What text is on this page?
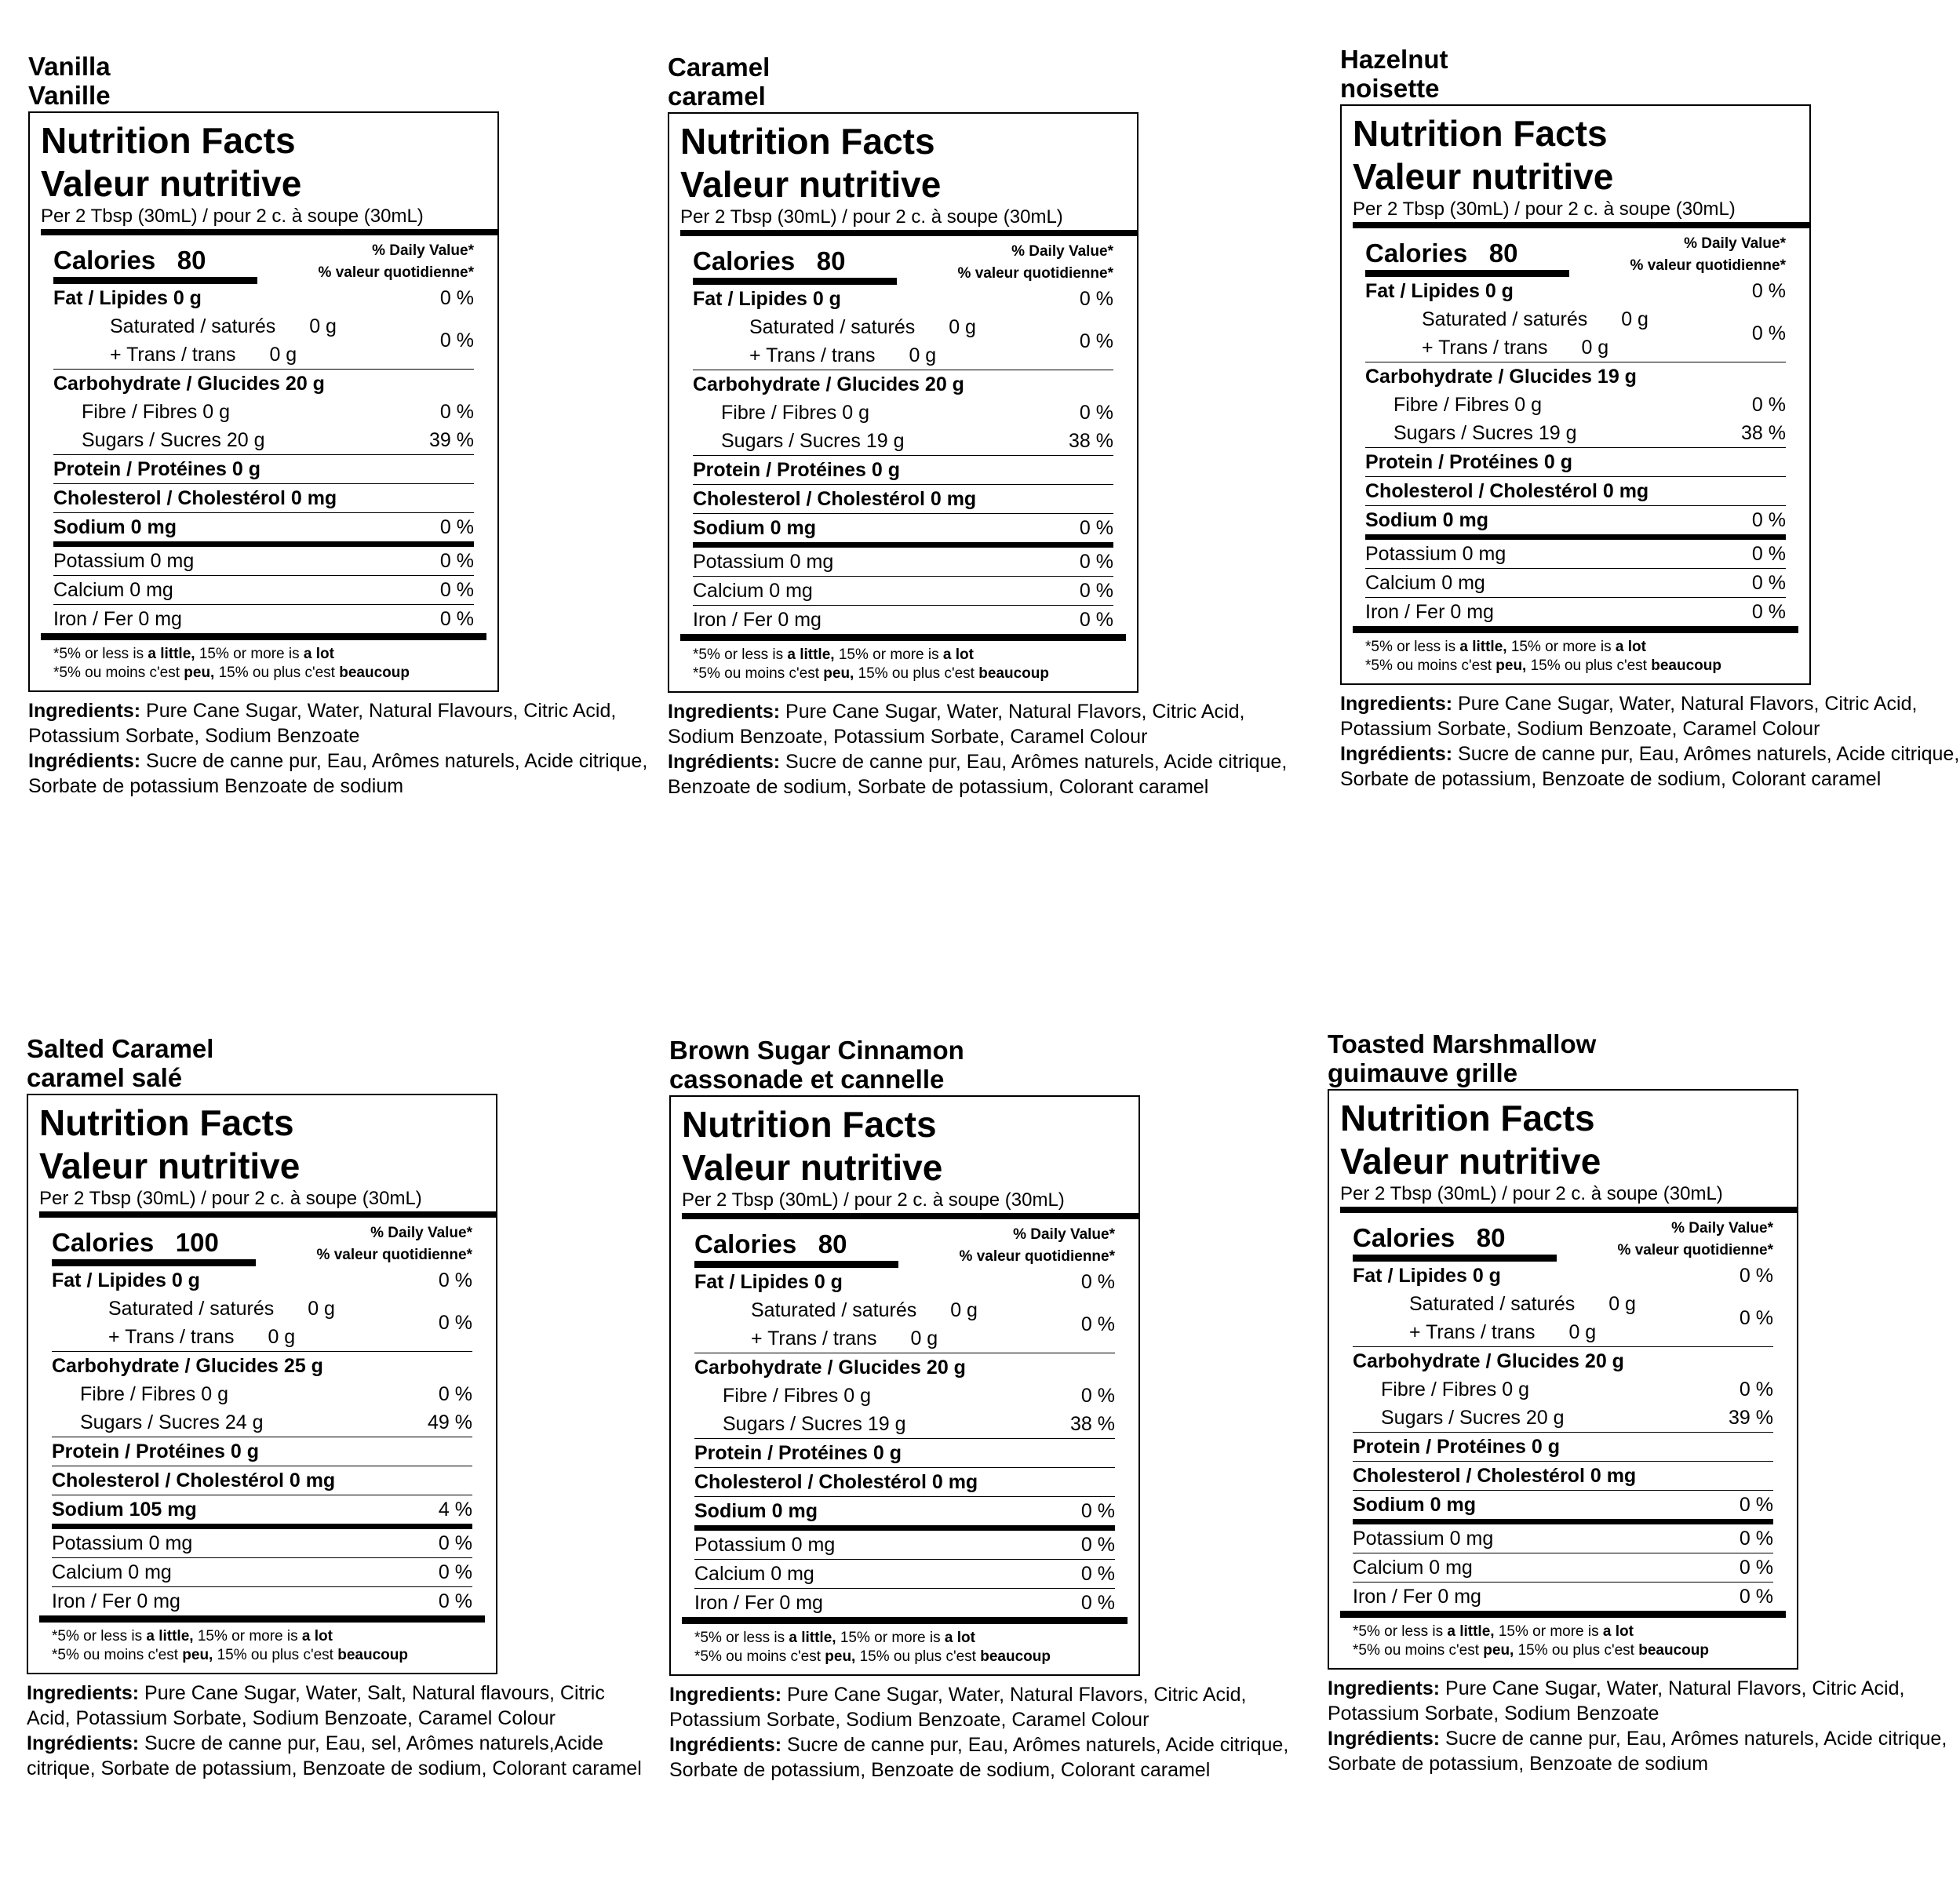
Vanilla
Vanille
Nutrition Facts
Valeur nutritive
Per 2 Tbsp (30mL) / pour 2 c. à soupe (30mL)
Calories 80	% Daily Value*
% valeur quotidienne*
Fat / Lipides 0 g	0 %
Saturated / saturés 0 g
+ Trans / trans 0 g
0 %
Carbohydrate / Glucides 20 g
Fibre / Fibres 0 g	0 %
Sugars / Sucres 20 g	39 %
Protein / Protéines 0 g
Cholesterol / Cholestérol 0 mg
Sodium 0 mg	0 %
Potassium 0 mg	0 %
Calcium 0 mg	0 %
Iron / Fer 0 mg	0 %
*5% or less is a little, 15% or more is a lot
*5% ou moins c'est peu, 15% ou plus c'est beaucoup
Ingredients: Pure Cane Sugar, Water, Natural Flavours, Citric Acid, Potassium Sorbate, Sodium Benzoate
Ingrédients: Sucre de canne pur, Eau, Arômes naturels, Acide citrique, Sorbate de potassium Benzoate de sodium
Caramel
caramel
Nutrition Facts
Valeur nutritive
Per 2 Tbsp (30mL) / pour 2 c. à soupe (30mL)
Calories 80	% Daily Value*
% valeur quotidienne*
Fat / Lipides 0 g	0 %
Saturated / saturés 0 g
+ Trans / trans 0 g
0 %
Carbohydrate / Glucides 20 g
Fibre / Fibres 0 g	0 %
Sugars / Sucres 19 g	38 %
Protein / Protéines 0 g
Cholesterol / Cholestérol 0 mg
Sodium 0 mg	0 %
Potassium 0 mg	0 %
Calcium 0 mg	0 %
Iron / Fer 0 mg	0 %
*5% or less is a little, 15% or more is a lot
*5% ou moins c'est peu, 15% ou plus c'est beaucoup
Ingredients: Pure Cane Sugar, Water, Natural Flavors, Citric Acid, Sodium Benzoate, Potassium Sorbate, Caramel Colour
Ingrédients: Sucre de canne pur, Eau, Arômes naturels, Acide citrique, Benzoate de sodium, Sorbate de potassium, Colorant caramel
Hazelnut
noisette
Nutrition Facts
Valeur nutritive
Per 2 Tbsp (30mL) / pour 2 c. à soupe (30mL)
Calories 80	% Daily Value*
% valeur quotidienne*
Fat / Lipides 0 g	0 %
Saturated / saturés 0 g
+ Trans / trans 0 g
0 %
Carbohydrate / Glucides 19 g
Fibre / Fibres 0 g	0 %
Sugars / Sucres 19 g	38 %
Protein / Protéines 0 g
Cholesterol / Cholestérol 0 mg
Sodium 0 mg	0 %
Potassium 0 mg	0 %
Calcium 0 mg	0 %
Iron / Fer 0 mg	0 %
*5% or less is a little, 15% or more is a lot
*5% ou moins c'est peu, 15% ou plus c'est beaucoup
Ingredients: Pure Cane Sugar, Water, Natural Flavors, Citric Acid, Potassium Sorbate, Sodium Benzoate, Caramel Colour
Ingrédients: Sucre de canne pur, Eau, Arômes naturels, Acide citrique, Sorbate de potassium, Benzoate de sodium, Colorant caramel
Salted Caramel
caramel salé
Nutrition Facts
Valeur nutritive
Per 2 Tbsp (30mL) / pour 2 c. à soupe (30mL)
Calories 100	% Daily Value*
% valeur quotidienne*
Fat / Lipides 0 g	0 %
Saturated / saturés 0 g
+ Trans / trans 0 g
0 %
Carbohydrate / Glucides 25 g
Fibre / Fibres 0 g	0 %
Sugars / Sucres 24 g	49 %
Protein / Protéines 0 g
Cholesterol / Cholestérol 0 mg
Sodium 105 mg	4 %
Potassium 0 mg	0 %
Calcium 0 mg	0 %
Iron / Fer 0 mg	0 %
*5% or less is a little, 15% or more is a lot
*5% ou moins c'est peu, 15% ou plus c'est beaucoup
Ingredients: Pure Cane Sugar, Water, Salt, Natural flavours, Citric Acid, Potassium Sorbate, Sodium Benzoate, Caramel Colour
Ingrédients: Sucre de canne pur, Eau, sel, Arômes naturels,Acide citrique, Sorbate de potassium, Benzoate de sodium, Colorant caramel
Brown Sugar Cinnamon
cassonade et cannelle
Nutrition Facts
Valeur nutritive
Per 2 Tbsp (30mL) / pour 2 c. à soupe (30mL)
Calories 80	% Daily Value*
% valeur quotidienne*
Fat / Lipides 0 g	0 %
Saturated / saturés 0 g
+ Trans / trans 0 g
0 %
Carbohydrate / Glucides 20 g
Fibre / Fibres 0 g	0 %
Sugars / Sucres 19 g	38 %
Protein / Protéines 0 g
Cholesterol / Cholestérol 0 mg
Sodium 0 mg	0 %
Potassium 0 mg	0 %
Calcium 0 mg	0 %
Iron / Fer 0 mg	0 %
*5% or less is a little, 15% or more is a lot
*5% ou moins c'est peu, 15% ou plus c'est beaucoup
Ingredients: Pure Cane Sugar, Water, Natural Flavors, Citric Acid, Potassium Sorbate, Sodium Benzoate, Caramel Colour
Ingrédients: Sucre de canne pur, Eau, Arômes naturels, Acide citrique, Sorbate de potassium, Benzoate de sodium, Colorant caramel
Toasted Marshmallow
guimauve grille
Nutrition Facts
Valeur nutritive
Per 2 Tbsp (30mL) / pour 2 c. à soupe (30mL)
Calories 80	% Daily Value*
% valeur quotidienne*
Fat / Lipides 0 g	0 %
Saturated / saturés 0 g
+ Trans / trans 0 g
0 %
Carbohydrate / Glucides 20 g
Fibre / Fibres 0 g	0 %
Sugars / Sucres 20 g	39 %
Protein / Protéines 0 g
Cholesterol / Cholestérol 0 mg
Sodium 0 mg	0 %
Potassium 0 mg	0 %
Calcium 0 mg	0 %
Iron / Fer 0 mg	0 %
*5% or less is a little, 15% or more is a lot
*5% ou moins c'est peu, 15% ou plus c'est beaucoup
Ingredients: Pure Cane Sugar, Water, Natural Flavors, Citric Acid, Potassium Sorbate, Sodium Benzoate
Ingrédients: Sucre de canne pur, Eau, Arômes naturels, Acide citrique, Sorbate de potassium, Benzoate de sodium
